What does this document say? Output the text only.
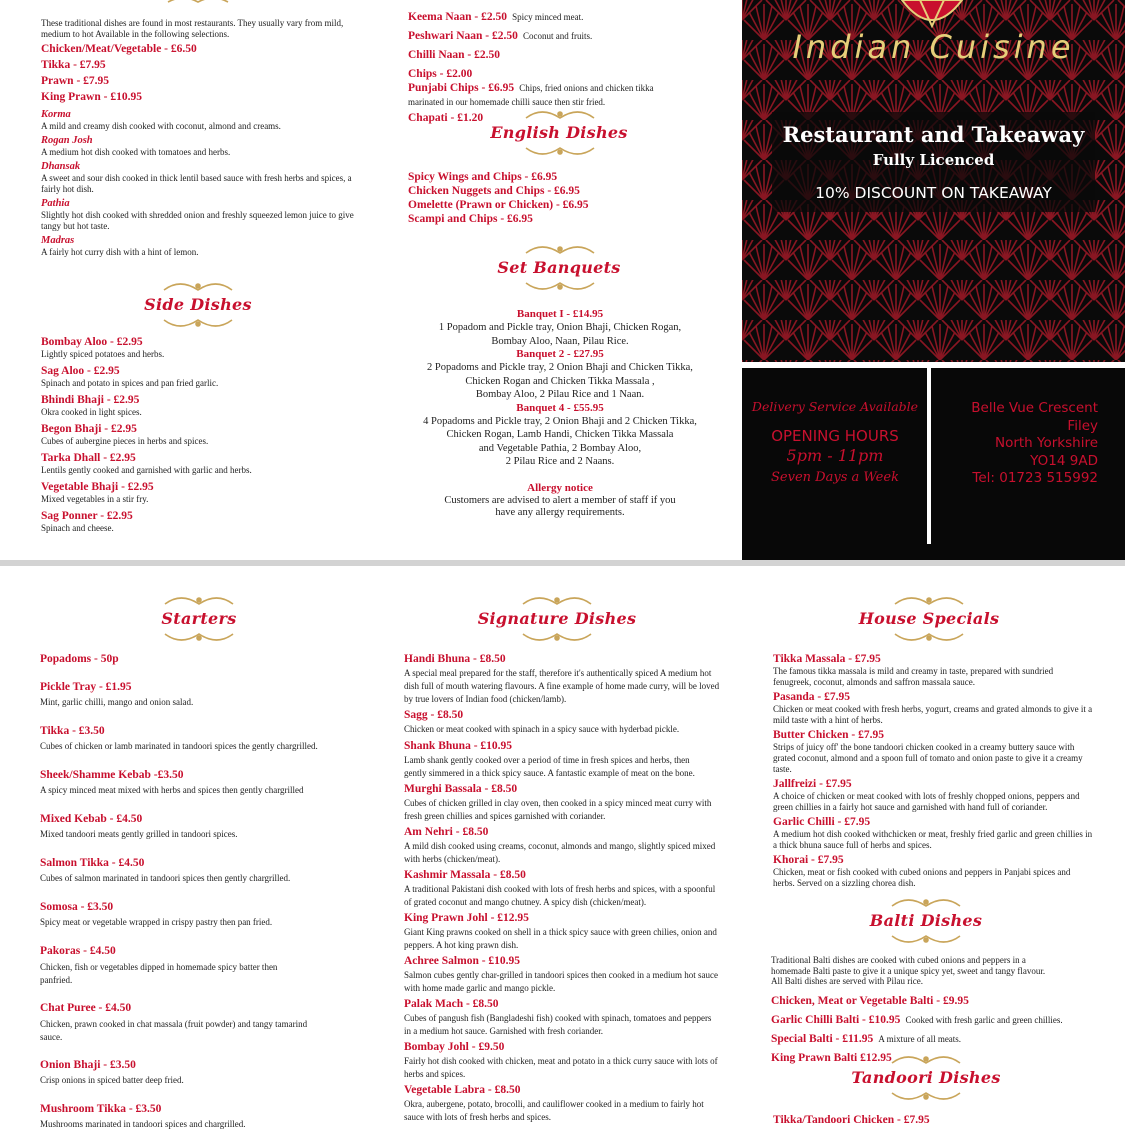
These traditional dishes are found in most restaurants. They usually vary from mild, medium to hot Available in the following selections.

Chicken/Meat/Vegetable - £6.50

Tikka - £7.95

Prawn - £7.95

King Prawn - £10.95

Korma

A mild and creamy dish cooked with coconut, almond and creams.

Rogan Josh

A medium hot dish cooked with tomatoes and herbs.

Dhansak

A sweet and sour dish cooked in thick lentil based sauce with fresh herbs and spices, a fairly hot dish.

Pathia

Slightly hot dish cooked with shredded onion and freshly squeezed lemon juice to give tangy but hot taste.

Madras

A fairly hot curry dish with a hint of lemon.

Side Dishes

Bombay Aloo - £2.95

Lightly spiced potatoes and herbs.

Sag Aloo - £2.95

Spinach and potato in spices and pan fried garlic.

Bhindi Bhaji - £2.95

Okra cooked in light spices.

Begon Bhaji - £2.95

Cubes of aubergine pieces in herbs and spices.

Tarka Dhall - £2.95

Lentils gently cooked and garnished with garlic and herbs.

Vegetable Bhaji - £2.95

Mixed vegetables in a stir fry.

Sag Ponner - £2.95

Spinach and cheese.

Keema Naan - £2.50 Spicy minced meat.

Peshwari Naan - £2.50 Coconut and fruits.

Chilli Naan - £2.50

Chips - £2.00

Punjabi Chips - £6.95 Chips, fried onions and chicken tikka marinated in our homemade chilli sauce then stir fried.

Chapati - £1.20

English Dishes

Spicy Wings and Chips - £6.95

Chicken Nuggets and Chips - £6.95

Omelette (Prawn or Chicken) - £6.95

Scampi and Chips - £6.95

Set Banquets

Banquet I - £14.95

1 Popadom and Pickle tray, Onion Bhaji, Chicken Rogan,

Bombay Aloo, Naan, Pilau Rice.

Banquet 2 - £27.95

2 Popadoms and Pickle tray, 2 Onion Bhaji and Chicken Tikka,

Chicken Rogan and Chicken Tikka Massala ,

Bombay Aloo, 2 Pilau Rice and 1 Naan.

Banquet 4 - £55.95

4 Popadoms and Pickle tray, 2 Onion Bhaji and 2 Chicken Tikka,

Chicken Rogan, Lamb Handi, Chicken Tikka Massala

and Vegetable Pathia, 2 Bombay Aloo,

2 Pilau Rice and 2 Naans.

Allergy notice

Customers are advised to alert a member of staff if you

have any allergy requirements.

Indian Cuisine
Restaurant and Takeaway
Fully Licenced
10% DISCOUNT ON TAKEAWAY
Delivery Service Available
OPENING HOURS
5pm - 11pm
Seven Days a Week
Belle Vue Crescent
Filey
North Yorkshire
YO14 9AD
Tel: 01723 515992
Starters

Popadoms - 50p

Pickle Tray - £1.95

Mint, garlic chilli, mango and onion salad.

Tikka - £3.50

Cubes of chicken or lamb marinated in tandoori spices the gently chargrilled.

Sheek/Shamme Kebab -£3.50

A spicy minced meat mixed with herbs and spices then gently chargrilled

Mixed Kebab - £4.50

Mixed tandoori meats gently grilled in tandoori spices.

Salmon Tikka - £4.50

Cubes of salmon marinated in tandoori spices then gently chargrilled.

Somosa - £3.50

Spicy meat or vegetable wrapped in crispy pastry then pan fried.

Pakoras - £4.50

Chicken, fish or vegetables dipped in homemade spicy batter then panfried.

Chat Puree - £4.50

Chicken, prawn cooked in chat massala (fruit powder) and tangy tamarind sauce.

Onion Bhaji - £3.50

Crisp onions in spiced batter deep fried.

Mushroom Tikka - £3.50

Mushrooms marinated in tandoori spices and chargrilled.

Signature Dishes

Handi Bhuna - £8.50

A special meal prepared for the staff, therefore it's authentically spiced A medium hot dish full of mouth watering flavours. A fine example of home made curry, will be loved by true lovers of Indian food (chicken/lamb).

Sagg - £8.50

Chicken or meat cooked with spinach in a spicy sauce with hyderbad pickle.

Shank Bhuna - £10.95

Lamb shank gently cooked over a period of time in fresh spices and herbs, then gently simmered in a thick spicy sauce. A fantastic example of meat on the bone.

Murghi Bassala - £8.50

Cubes of chicken grilled in clay oven, then cooked in a spicy minced meat curry with fresh green chillies and spices garnished with coriander.

Am Nehri - £8.50

A mild dish cooked using creams, coconut, almonds and mango, slightly spiced mixed with herbs (chicken/meat).

Kashmir Massala - £8.50

A traditional Pakistani dish cooked with lots of fresh herbs and spices, with a spoonful of grated coconut and mango chutney. A spicy dish (chicken/meat).

King Prawn Johl - £12.95

Giant King prawns cooked on shell in a thick spicy sauce with green chilies, onion and peppers. A hot king prawn dish.

Achree Salmon - £10.95

Salmon cubes gently char-grilled in tandoori spices then cooked in a medium hot sauce with home made garlic and mango pickle.

Palak Mach - £8.50

Cubes of pangush fish (Bangladeshi fish) cooked with spinach, tomatoes and peppers in a medium hot sauce. Garnished with fresh coriander.

Bombay Johl - £9.50

Fairly hot dish cooked with chicken, meat and potato in a thick curry sauce with lots of herbs and spices.

Vegetable Labra - £8.50

Okra, aubergene, potato, brocolli, and cauliflower cooked in a medium to fairly hot sauce with lots of fresh herbs and spices.

House Specials

Tikka Massala - £7.95

The famous tikka massala is mild and creamy in taste, prepared with sundried fenugreek, coconut, almonds and saffron massala sauce.

Pasanda - £7.95

Chicken or meat cooked with fresh herbs, yogurt, creams and grated almonds to give it a mild taste with a hint of herbs.

Butter Chicken - £7.95

Strips of juicy off' the bone tandoori chicken cooked in a creamy buttery sauce with grated coconut, almond and a spoon full of tomato and onion paste to give it a creamy taste.

Jallfreizi - £7.95

A choice of chicken or meat cooked with lots of freshly chopped onions, peppers and green chillies in a fairly hot sauce and garnished with hand full of coriander.

Garlic Chilli - £7.95

A medium hot dish cooked withchicken or meat, freshly fried garlic and green chillies in a thick bhuna sauce full of herbs and spices.

Khorai - £7.95

Chicken, meat or fish cooked with cubed onions and peppers in Panjabi spices and herbs. Served on a sizzling chorea dish.

Balti Dishes

Traditional Balti dishes are cooked with cubed onions and peppers in a

homemade Balti paste to give it a unique spicy yet, sweet and tangy flavour.

All Balti dishes are served with Pilau rice.

Chicken, Meat or Vegetable Balti - £9.95

Garlic Chilli Balti - £10.95 Cooked with fresh garlic and green chillies.

Special Balti - £11.95 A mixture of all meats.

King Prawn Balti £12.95

Tandoori Dishes

Tikka/Tandoori Chicken - £7.95
